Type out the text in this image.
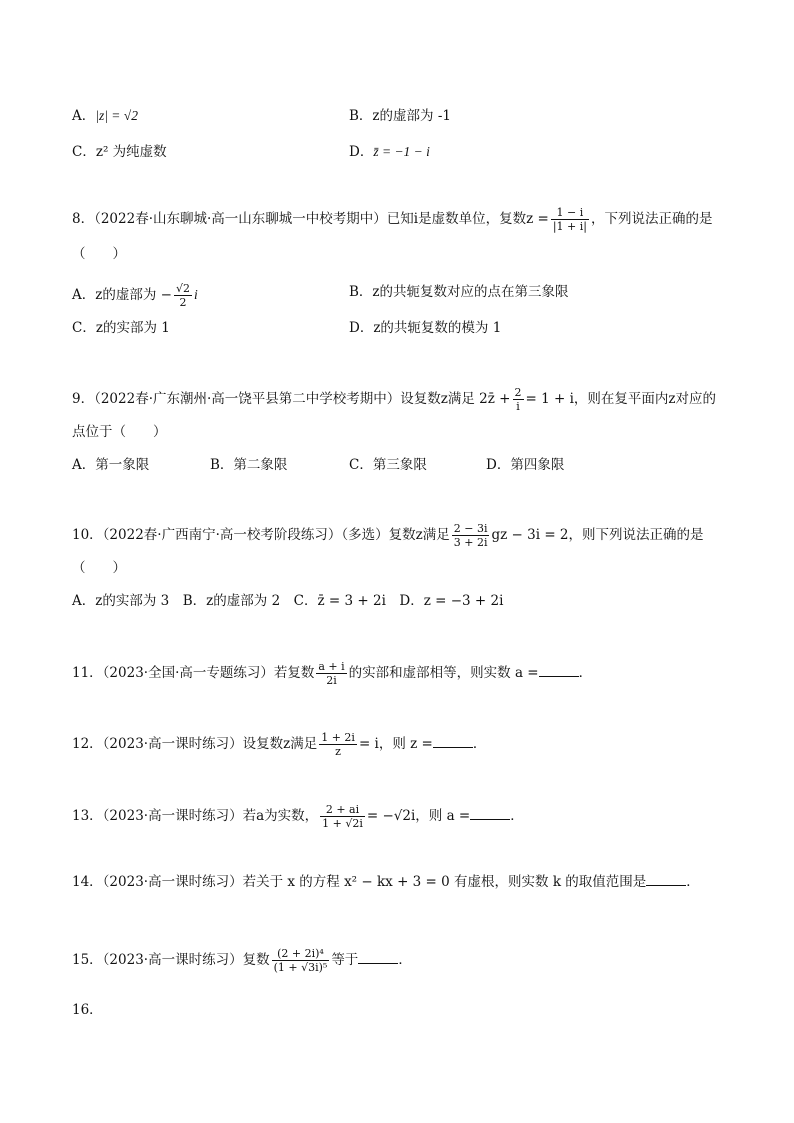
A．|z| = √2	B．z的虚部为 -1
C．z² 为纯虚数	D．z̄ = −1 − i
8．（2022春·山东聊城·高一山东聊城一中校考期中）已知i是虚数单位，复数$z = \frac{1 - i}{|1 + i|}$ ，下列说法正确的是
（　　）
A．z的虚部为 − $\frac{√2}{2}$ i	B．z的共轭复数对应的点在第三象限
C．z的实部为 1	D．z的共轭复数的模为 1
9．（2022春·广东潮州·高一饶平县第二中学校考期中）设复数z满足 2z̄ + $\frac{2}{i} = 1 + i$，则在复平面内z对应的
点位于（　　）
A．第一象限	B．第二象限	C．第三象限	D．第四象限
10．（2022春·广西南宁·高一校考阶段练习）（多选）复数z满足 $\frac{2 - 3i}{3 + 2i}$ gz − 3i = 2，则下列说法正确的是
（　　）
A．z的实部为 3　B．z的虚部为 2　C．z̄ = 3 + 2i　D．z = −3 + 2i
11．（2023·全国·高一专题练习）若复数 $\frac{a + i}{2i}$ 的实部和虚部相等，则实数 a =	．
12．（2023·高一课时练习）设复数z满足 $\frac{1 + 2i}{z} = i$，则 z =	．
13．（2023·高一课时练习）若a为实数， $\frac{2 + ai}{1 + √2i} = -√2i$，则 a =	．
14．（2023·高一课时练习）若关于 x 的方程 x² − kx + 3 = 0 有虚根，则实数 k 的取值范围是	．
15．（2023·高一课时练习）复数 $\frac{\text{(2 + 2i)⁴}}{\text{(1 + √3i)⁵}}$ 等于	．
16．
